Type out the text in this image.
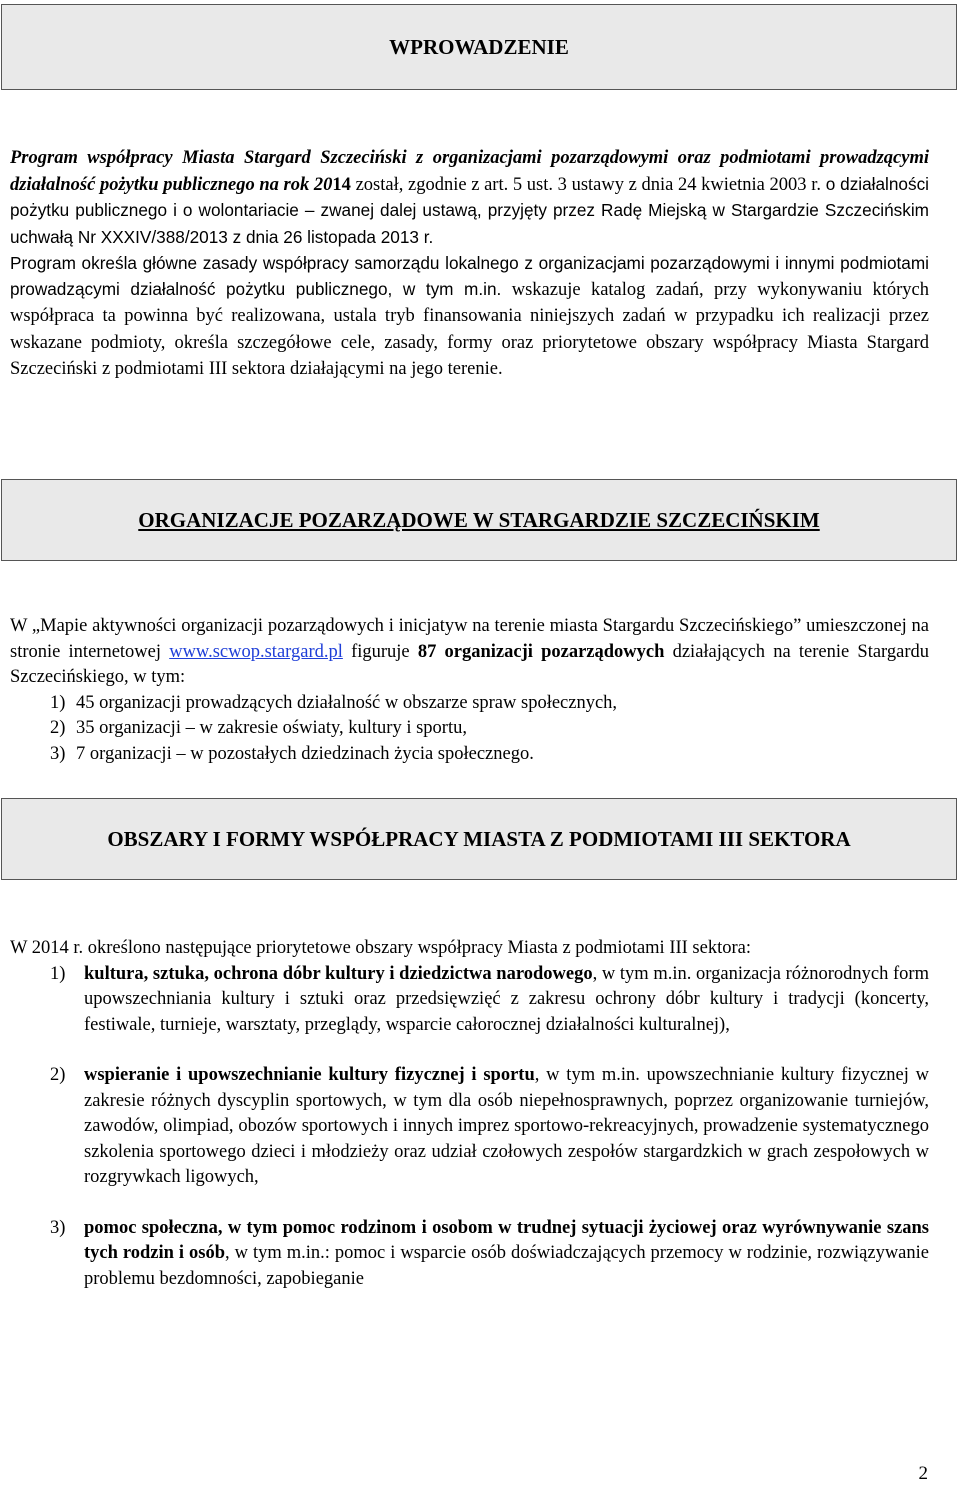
WPROWADZENIE

Program współpracy Miasta Stargard Szczeciński z organizacjami pozarządowymi oraz podmiotami prowadzącymi działalność pożytku publicznego na rok 2014 został, zgodnie z art. 5 ust. 3 ustawy z dnia 24 kwietnia 2003 r. o działalności pożytku publicznego i o wolontariacie – zwanej dalej ustawą, przyjęty przez Radę Miejską w Stargardzie Szczecińskim uchwałą Nr XXXIV/388/2013 z dnia 26 listopada 2013 r.

Program określa główne zasady współpracy samorządu lokalnego z organizacjami pozarządowymi i innymi podmiotami prowadzącymi działalność pożytku publicznego, w tym m.in. wskazuje katalog zadań, przy wykonywaniu których współpraca ta powinna być realizowana, ustala tryb finansowania niniejszych zadań w przypadku ich realizacji przez wskazane podmioty, określa szczegółowe cele, zasady, formy oraz priorytetowe obszary współpracy Miasta Stargard Szczeciński z podmiotami III sektora działającymi na jego terenie.

ORGANIZACJE POZARZĄDOWE W STARGARDZIE SZCZECIŃSKIM

W „Mapie aktywności organizacji pozarządowych i inicjatyw na terenie miasta Stargardu Szczecińskiego” umieszczonej na stronie internetowej www.scwop.stargard.pl figuruje 87 organizacji pozarządowych działających na terenie Stargardu Szczecińskiego, w tym:

1) 45 organizacji prowadzących działalność w obszarze spraw społecznych,
2) 35 organizacji – w zakresie oświaty, kultury i sportu,
3) 7 organizacji – w pozostałych dziedzinach życia społecznego.
OBSZARY I FORMY WSPÓŁPRACY MIASTA Z PODMIOTAMI III SEKTORA

W 2014 r. określono następujące priorytetowe obszary współpracy Miasta z podmiotami III sektora:

1) kultura, sztuka, ochrona dóbr kultury i dziedzictwa narodowego, w tym m.in. organizacja różnorodnych form upowszechniania kultury i sztuki oraz przedsięwzięć z zakresu ochrony dóbr kultury i tradycji (koncerty, festiwale, turnieje, warsztaty, przeglądy, wsparcie całorocznej działalności kulturalnej),
2) wspieranie i upowszechnianie kultury fizycznej i sportu, w tym m.in. upowszechnianie kultury fizycznej w zakresie różnych dyscyplin sportowych, w tym dla osób niepełnosprawnych, poprzez organizowanie turniejów, zawodów, olimpiad, obozów sportowych i innych imprez sportowo-rekreacyjnych, prowadzenie systematycznego szkolenia sportowego dzieci i młodzieży oraz udział czołowych zespołów stargardzkich w grach zespołowych w rozgrywkach ligowych,
3) pomoc społeczna, w tym pomoc rodzinom i osobom w trudnej sytuacji życiowej oraz wyrównywanie szans tych rodzin i osób, w tym m.in.: pomoc i wsparcie osób doświadczających przemocy w rodzinie, rozwiązywanie problemu bezdomności, zapobieganie
2
